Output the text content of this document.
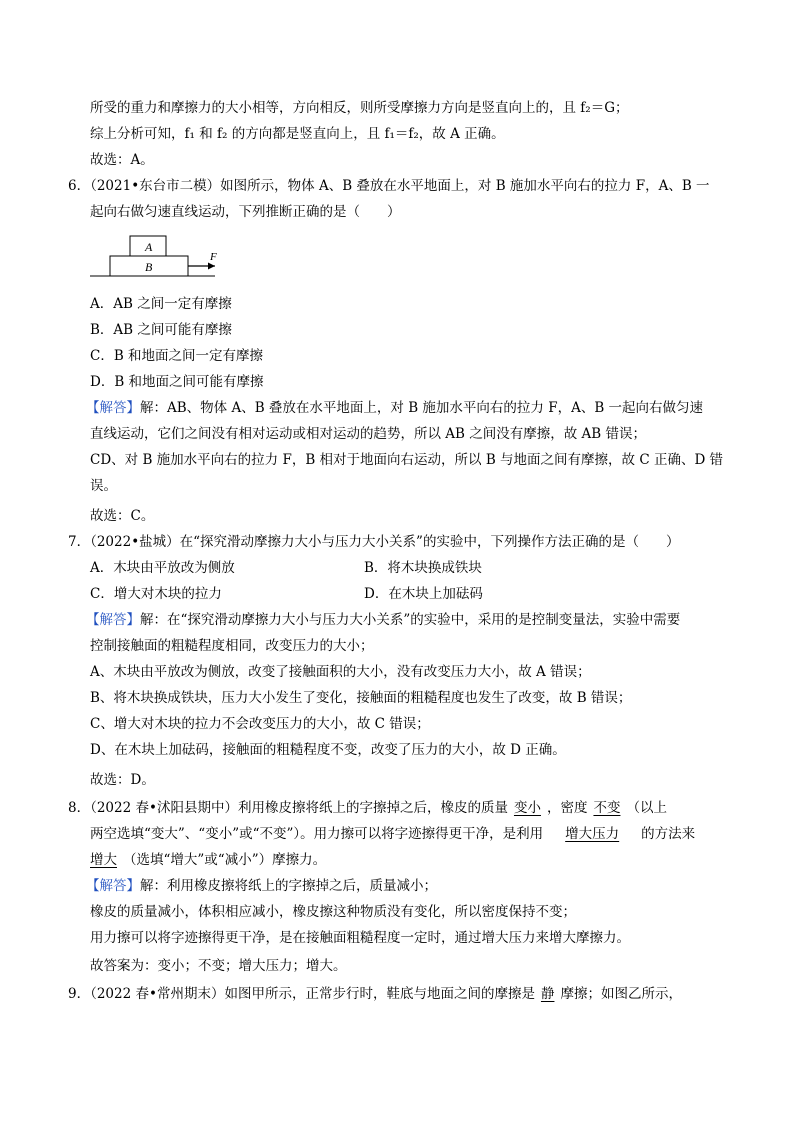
所受的重力和摩擦力的大小相等，方向相反，则所受摩擦力方向是竖直向上的，且 f₂＝G；
综上分析可知，f₁ 和 f₂ 的方向都是竖直向上，且 f₁＝f₂，故 A 正确。
故选：A。
6．（2021•东台市二模）如图所示，物体 A、B 叠放在水平地面上，对 B 施加水平向右的拉力 F，A、B 一
起向右做匀速直线运动，下列推断正确的是（　　）
A
B
F
A．AB 之间一定有摩擦
B．AB 之间可能有摩擦
C．B 和地面之间一定有摩擦
D．B 和地面之间可能有摩擦
【解答】解：AB、物体 A、B 叠放在水平地面上，对 B 施加水平向右的拉力 F，A、B 一起向右做匀速
直线运动，它们之间没有相对运动或相对运动的趋势，所以 AB 之间没有摩擦，故 AB 错误；
CD、对 B 施加水平向右的拉力 F，B 相对于地面向右运动，所以 B 与地面之间有摩擦，故 C 正确、D 错
误。
故选：C。
7．（2022•盐城）在“探究滑动摩擦力大小与压力大小关系”的实验中，下列操作方法正确的是（　　）
A．木块由平放改为侧放	B．将木块换成铁块
C．增大对木块的拉力	D．在木块上加砝码
【解答】解：在“探究滑动摩擦力大小与压力大小关系”的实验中，采用的是控制变量法，实验中需要
控制接触面的粗糙程度相同，改变压力的大小；
A、木块由平放改为侧放，改变了接触面积的大小，没有改变压力大小，故 A 错误；
B、将木块换成铁块，压力大小发生了变化，接触面的粗糙程度也发生了改变，故 B 错误；
C、增大对木块的拉力不会改变压力的大小，故 C 错误；
D、在木块上加砝码，接触面的粗糙程度不变，改变了压力的大小，故 D 正确。
故选：D。
8．（2022 春•沭阳县期中）利用橡皮擦将纸上的字擦掉之后，橡皮的质量 变小 ，密度 不变 （以上
两空选填“变大”、“变小”或“不变”）。用力擦可以将字迹擦得更干净，是利用 增大压力 的方法来
增大 （选填“增大”或“减小”）摩擦力。
【解答】解：利用橡皮擦将纸上的字擦掉之后，质量减小；
橡皮的质量减小，体积相应减小，橡皮擦这种物质没有变化，所以密度保持不变；
用力擦可以将字迹擦得更干净，是在接触面粗糙程度一定时，通过增大压力来增大摩擦力。
故答案为：变小；不变；增大压力；增大。
9．（2022 春•常州期末）如图甲所示，正常步行时，鞋底与地面之间的摩擦是 静 摩擦；如图乙所示，
